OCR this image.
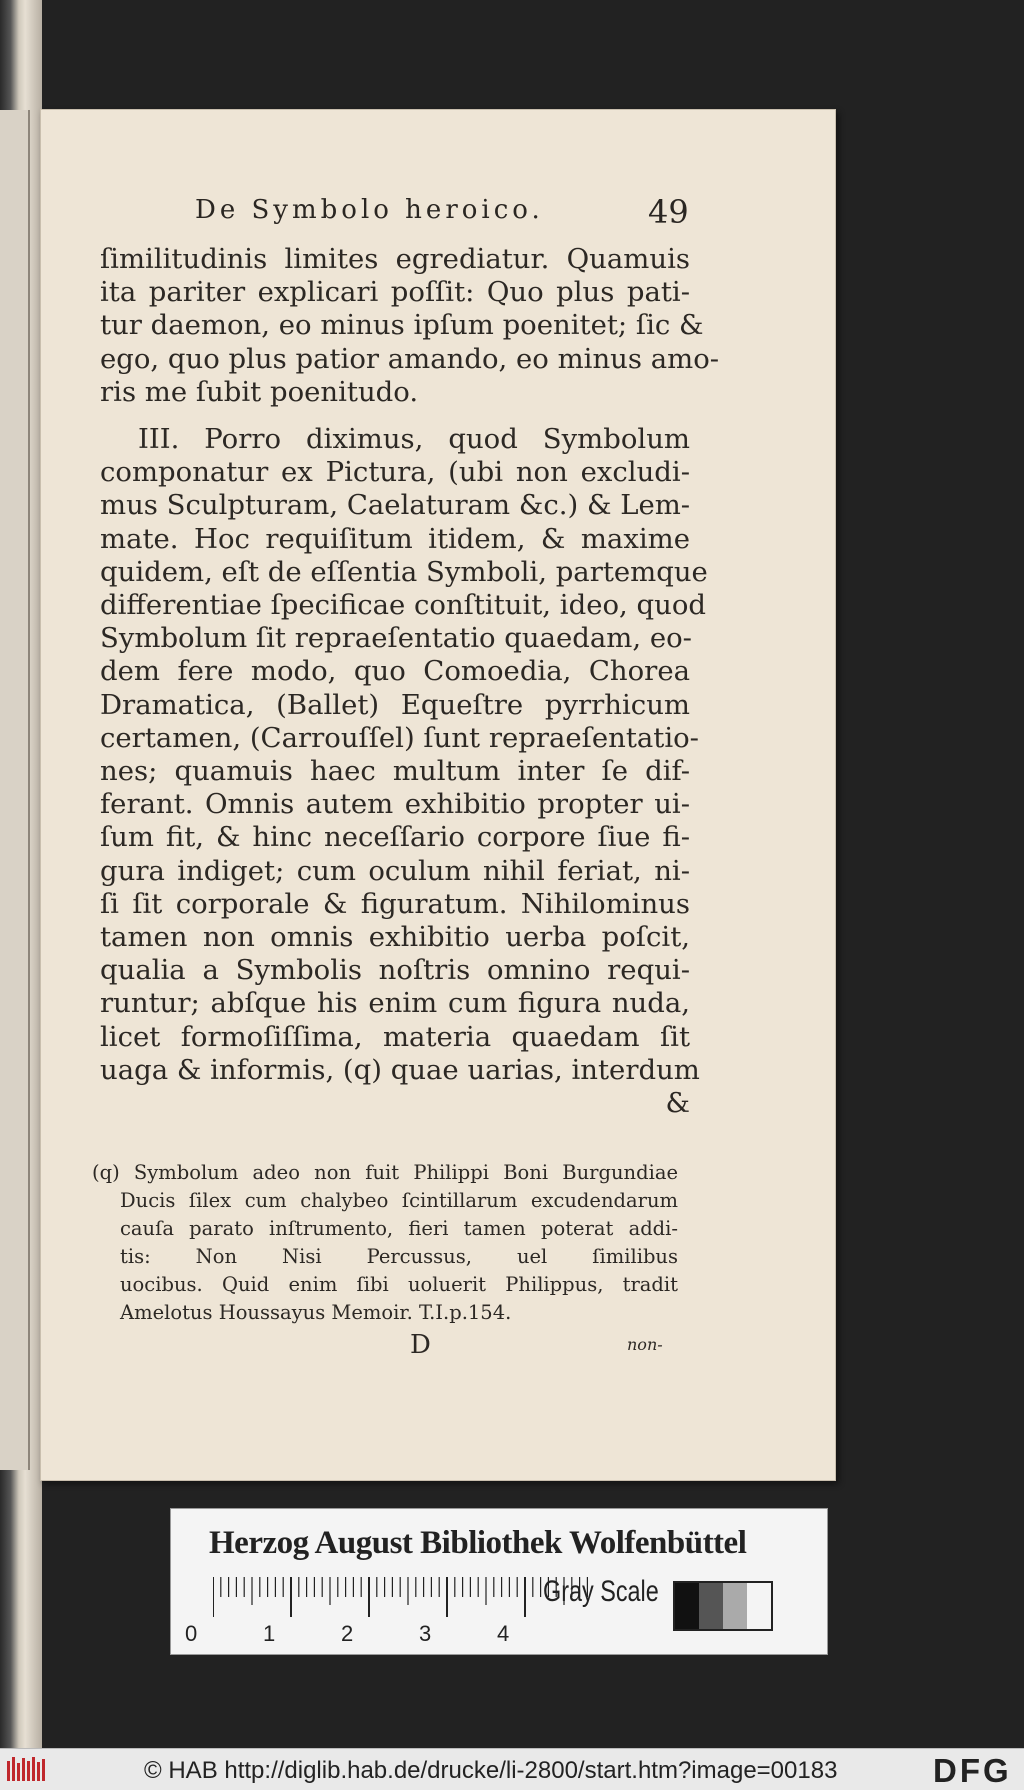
De Symbolo heroico.	49
ſimilitudinis limites egrediatur. Quamuis
ita pariter explicari poſſit: Quo plus pati-
tur daemon, eo minus ipſum poenitet; ſic &
ego, quo plus patior amando, eo minus amo-
ris me ſubit poenitudo.
III. Porro diximus, quod Symbolum
componatur ex Pictura, (ubi non excludi-
mus Sculpturam, Caelaturam &c.) & Lem-
mate. Hoc requiſitum itidem, & maxime
quidem, eſt de eſſentia Symboli, partemque
differentiae ſpecificae conſtituit, ideo, quod
Symbolum ſit repraeſentatio quaedam, eo-
dem fere modo, quo Comoedia, Chorea
Dramatica, (Ballet) Equeſtre pyrrhicum
certamen, (Carrouſſel) ſunt repraeſentatio-
nes; quamuis haec multum inter ſe dif-
ferant. Omnis autem exhibitio propter ui-
ſum fit, & hinc neceſſario corpore ſiue fi-
gura indiget; cum oculum nihil feriat, ni-
ſi ſit corporale & figuratum. Nihilominus
tamen non omnis exhibitio uerba poſcit,
qualia a Symbolis noſtris omnino requi-
runtur; abſque his enim cum figura nuda,
licet formoſiſſima, materia quaedam ſit
uaga & informis, (q) quae uarias, interdum
&
(q) Symbolum adeo non fuit Philippi Boni Burgundiae
Ducis ſilex cum chalybeo ſcintillarum excudendarum
cauſa parato inſtrumento, fieri tamen poterat addi-
tis: Non Nisi Percussus, uel ſimilibus
uocibus. Quid enim ſibi uoluerit Philippus, tradit
Amelotus Houssayus Memoir. T.I.p.154.
D	non-
Herzog August Bibliothek Wolfenbüttel
0	1	2	3	4
Gray Scale
© HAB http://diglib.hab.de/drucke/li-2800/start.htm?image=00183	DFG
